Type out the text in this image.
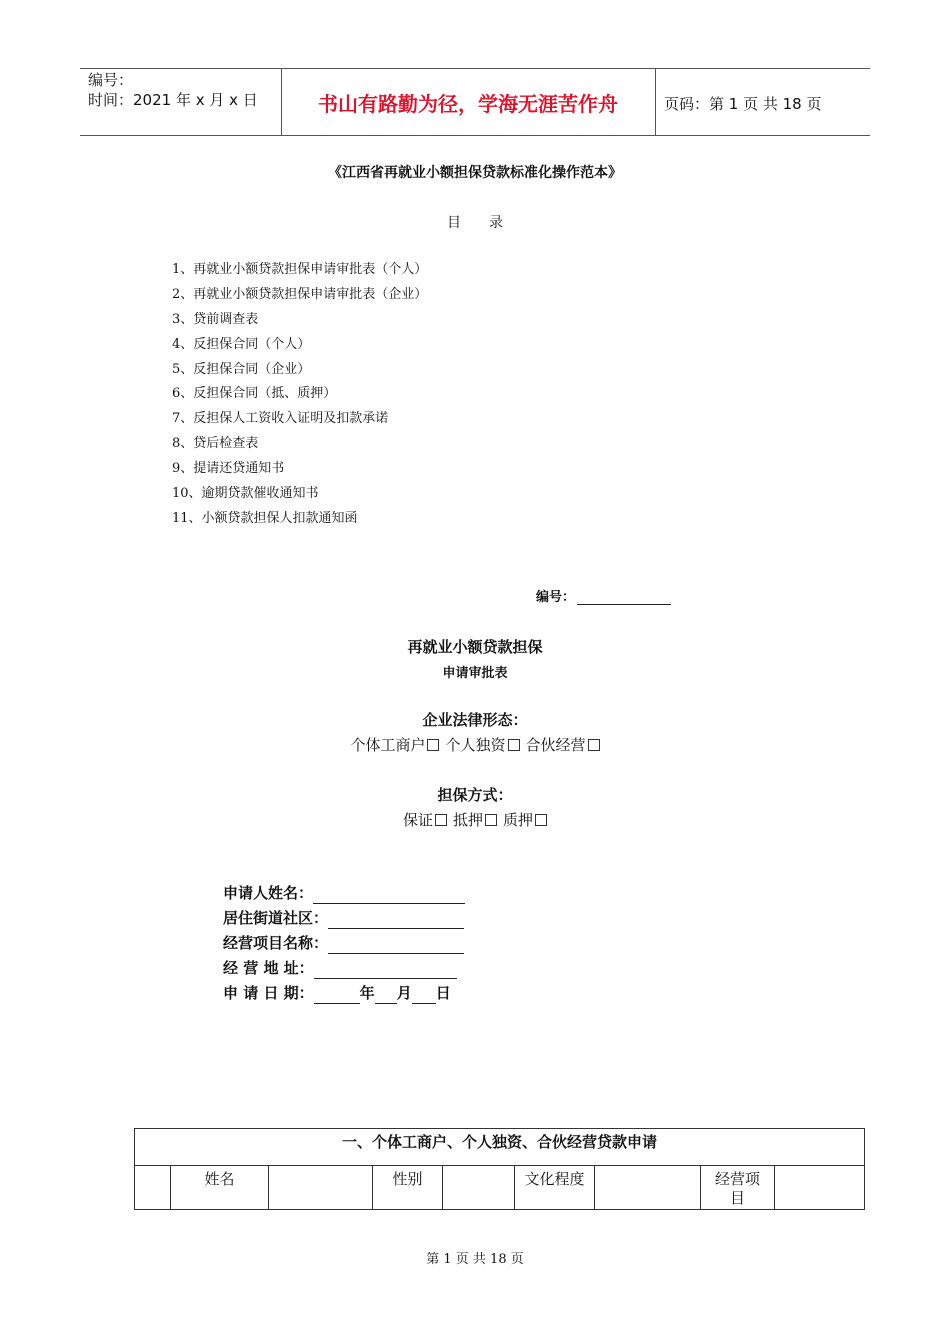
编号：
时间：2021 年 x 月 x 日	书山有路勤为径，学海无涯苦作舟	页码：第 1 页 共 18 页
《江西省再就业小额担保贷款标准化操作范本》
目录
1、再就业小额贷款担保申请审批表（个人）
2、再就业小额贷款担保申请审批表（企业）
3、贷前调查表
4、反担保合同（个人）
5、反担保合同（企业）
6、反担保合同（抵、质押）
7、反担保人工资收入证明及扣款承诺
8、贷后检查表
9、提请还贷通知书
10、逾期贷款催收通知书
11、小额贷款担保人扣款通知函
编号：
再就业小额贷款担保
申请审批表
企业法律形态：
个体工商户 个人独资 合伙经营
担保方式：
保证 抵押 质押
申请人姓名：
居住街道社区：
经营项目名称：
经 营 地 址：
申 请 日 期：	年 月 日
一、个体工商户、个人独资、合伙经营贷款申请
姓名	性别	文化程度	经营项
目
第 1 页 共 18 页
